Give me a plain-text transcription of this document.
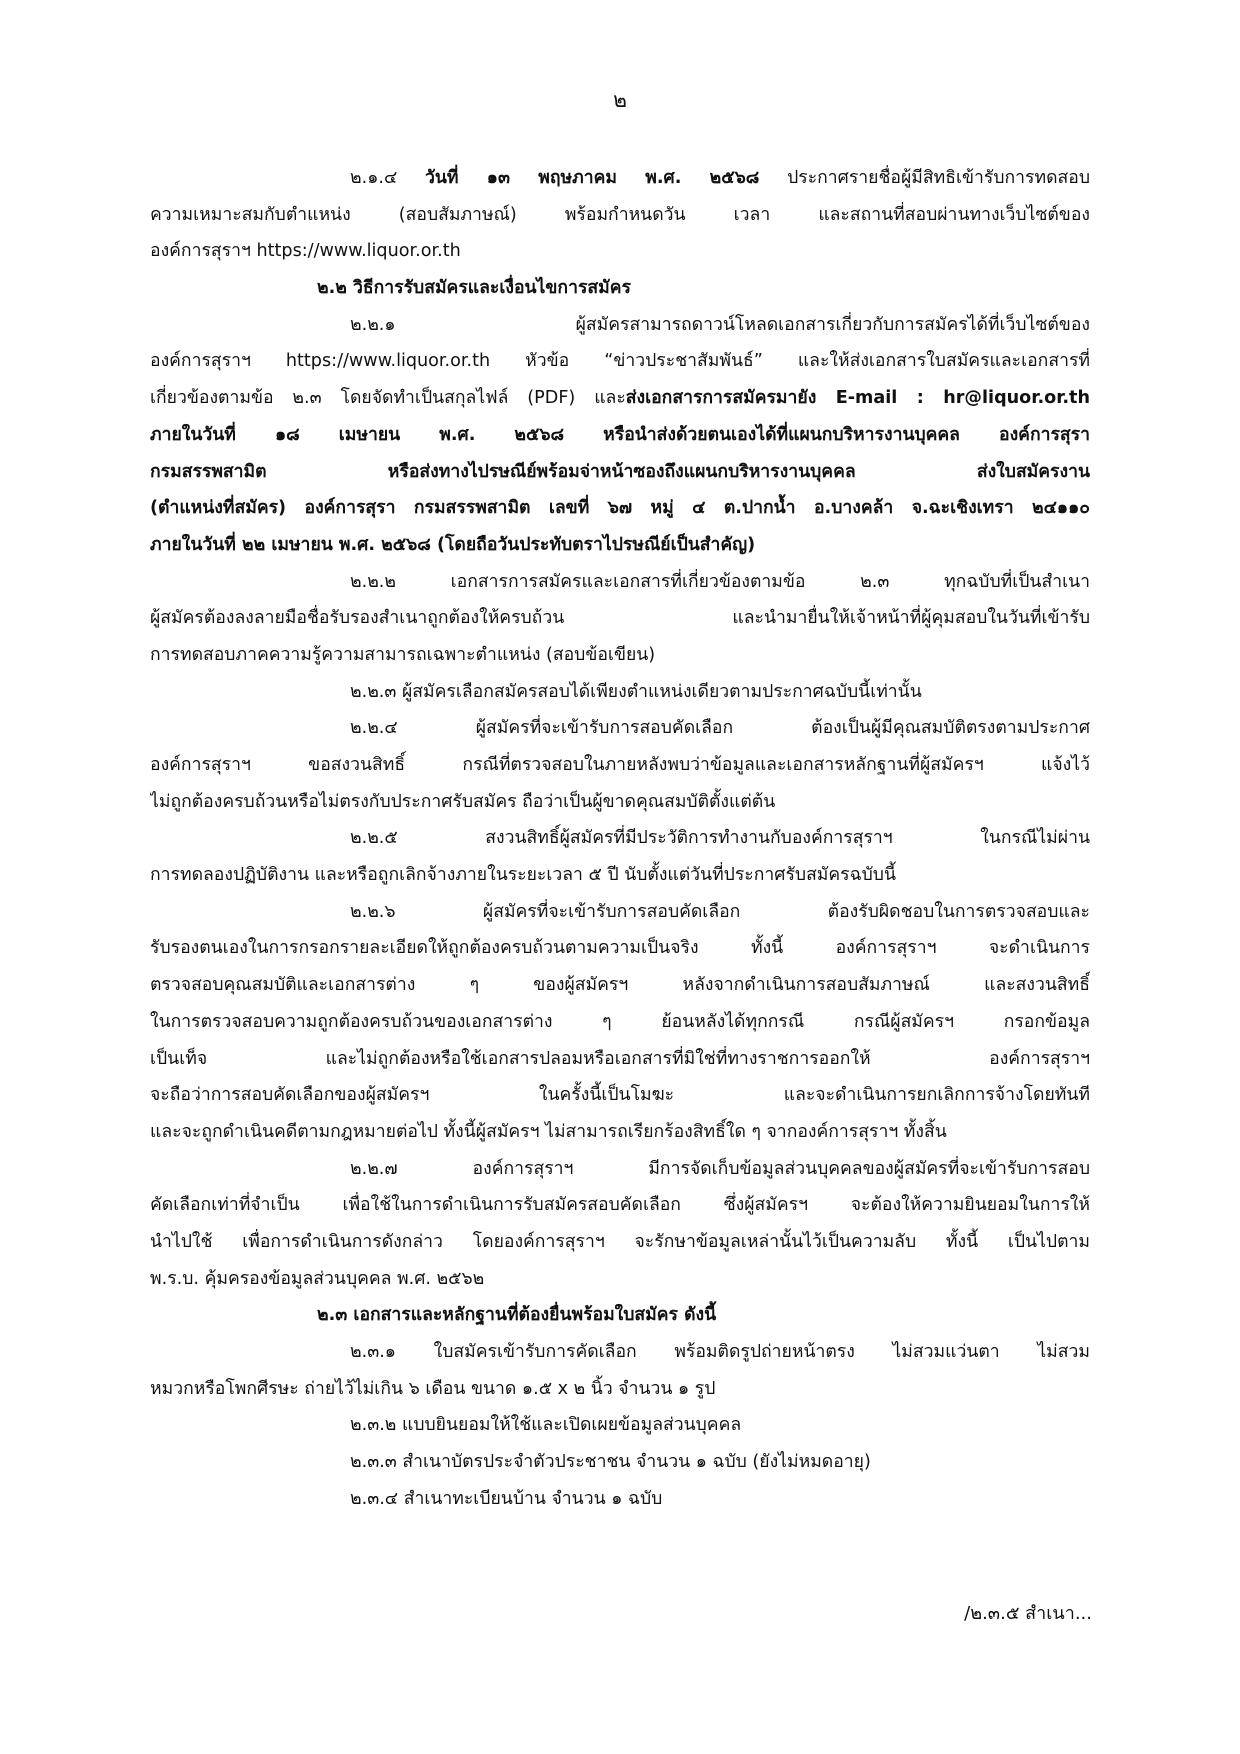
๒
๒.๑.๔ วันที่ ๑๓ พฤษภาคม พ.ศ. ๒๕๖๘ ประกาศรายชื่อผู้มีสิทธิเข้ารับการทดสอบ
ความเหมาะสมกับตำแหน่ง (สอบสัมภาษณ์) พร้อมกำหนดวัน เวลา และสถานที่สอบผ่านทางเว็บไซต์ของ
องค์การสุราฯ https://www.liquor.or.th
๒.๒ วิธีการรับสมัครและเงื่อนไขการสมัคร
๒.๒.๑ ผู้สมัครสามารถดาวน์โหลดเอกสารเกี่ยวกับการสมัครได้ที่เว็บไซต์ของ
องค์การสุราฯ https://www.liquor.or.th หัวข้อ “ข่าวประชาสัมพันธ์” และให้ส่งเอกสารใบสมัครและเอกสารที่
เกี่ยวข้องตามข้อ ๒.๓ โดยจัดทำเป็นสกุลไฟล์ (PDF) และส่งเอกสารการสมัครมายัง E-mail : hr@liquor.or.th
ภายในวันที่ ๑๘ เมษายน พ.ศ. ๒๕๖๘ หรือนำส่งด้วยตนเองได้ที่แผนกบริหารงานบุคคล องค์การสุรา
กรมสรรพสามิต หรือส่งทางไปรษณีย์พร้อมจ่าหน้าซองถึงแผนกบริหารงานบุคคล ส่งใบสมัครงาน
(ตำแหน่งที่สมัคร) องค์การสุรา กรมสรรพสามิต เลขที่ ๖๗ หมู่ ๔ ต.ปากน้ำ อ.บางคล้า จ.ฉะเชิงเทรา ๒๔๑๑๐
ภายในวันที่ ๒๒ เมษายน พ.ศ. ๒๕๖๘ (โดยถือวันประทับตราไปรษณีย์เป็นสำคัญ)
๒.๒.๒ เอกสารการสมัครและเอกสารที่เกี่ยวข้องตามข้อ ๒.๓ ทุกฉบับที่เป็นสำเนา
ผู้สมัครต้องลงลายมือชื่อรับรองสำเนาถูกต้องให้ครบถ้วน และนำมายื่นให้เจ้าหน้าที่ผู้คุมสอบในวันที่เข้ารับ
การทดสอบภาคความรู้ความสามารถเฉพาะตำแหน่ง (สอบข้อเขียน)
๒.๒.๓ ผู้สมัครเลือกสมัครสอบได้เพียงตำแหน่งเดียวตามประกาศฉบับนี้เท่านั้น
๒.๒.๔ ผู้สมัครที่จะเข้ารับการสอบคัดเลือก ต้องเป็นผู้มีคุณสมบัติตรงตามประกาศ
องค์การสุราฯ ขอสงวนสิทธิ์ กรณีที่ตรวจสอบในภายหลังพบว่าข้อมูลและเอกสารหลักฐานที่ผู้สมัครฯ แจ้งไว้
ไม่ถูกต้องครบถ้วนหรือไม่ตรงกับประกาศรับสมัคร ถือว่าเป็นผู้ขาดคุณสมบัติตั้งแต่ต้น
๒.๒.๕ สงวนสิทธิ์ผู้สมัครที่มีประวัติการทำงานกับองค์การสุราฯ ในกรณีไม่ผ่าน
การทดลองปฏิบัติงาน และหรือถูกเลิกจ้างภายในระยะเวลา ๕ ปี นับตั้งแต่วันที่ประกาศรับสมัครฉบับนี้
๒.๒.๖ ผู้สมัครที่จะเข้ารับการสอบคัดเลือก ต้องรับผิดชอบในการตรวจสอบและ
รับรองตนเองในการกรอกรายละเอียดให้ถูกต้องครบถ้วนตามความเป็นจริง ทั้งนี้ องค์การสุราฯ จะดำเนินการ
ตรวจสอบคุณสมบัติและเอกสารต่าง ๆ ของผู้สมัครฯ หลังจากดำเนินการสอบสัมภาษณ์ และสงวนสิทธิ์
ในการตรวจสอบความถูกต้องครบถ้วนของเอกสารต่าง ๆ ย้อนหลังได้ทุกกรณี กรณีผู้สมัครฯ กรอกข้อมูล
เป็นเท็จ และไม่ถูกต้องหรือใช้เอกสารปลอมหรือเอกสารที่มิใช่ที่ทางราชการออกให้ องค์การสุราฯ
จะถือว่าการสอบคัดเลือกของผู้สมัครฯ ในครั้งนี้เป็นโมฆะ และจะดำเนินการยกเลิกการจ้างโดยทันที
และจะถูกดำเนินคดีตามกฎหมายต่อไป ทั้งนี้ผู้สมัครฯ ไม่สามารถเรียกร้องสิทธิ์ใด ๆ จากองค์การสุราฯ ทั้งสิ้น
๒.๒.๗ องค์การสุราฯ มีการจัดเก็บข้อมูลส่วนบุคคลของผู้สมัครที่จะเข้ารับการสอบ
คัดเลือกเท่าที่จำเป็น เพื่อใช้ในการดำเนินการรับสมัครสอบคัดเลือก ซึ่งผู้สมัครฯ จะต้องให้ความยินยอมในการให้
นำไปใช้ เพื่อการดำเนินการดังกล่าว โดยองค์การสุราฯ จะรักษาข้อมูลเหล่านั้นไว้เป็นความลับ ทั้งนี้ เป็นไปตาม
พ.ร.บ. คุ้มครองข้อมูลส่วนบุคคล พ.ศ. ๒๕๖๒
๒.๓ เอกสารและหลักฐานที่ต้องยื่นพร้อมใบสมัคร ดังนี้
๒.๓.๑ ใบสมัครเข้ารับการคัดเลือก พร้อมติดรูปถ่ายหน้าตรง ไม่สวมแว่นตา ไม่สวม
หมวกหรือโพกศีรษะ ถ่ายไว้ไม่เกิน ๖ เดือน ขนาด ๑.๕ x ๒ นิ้ว จำนวน ๑ รูป
๒.๓.๒ แบบยินยอมให้ใช้และเปิดเผยข้อมูลส่วนบุคคล
๒.๓.๓ สำเนาบัตรประจำตัวประชาชน จำนวน ๑ ฉบับ (ยังไม่หมดอายุ)
๒.๓.๔ สำเนาทะเบียนบ้าน จำนวน ๑ ฉบับ
/๒.๓.๕ สำเนา...
